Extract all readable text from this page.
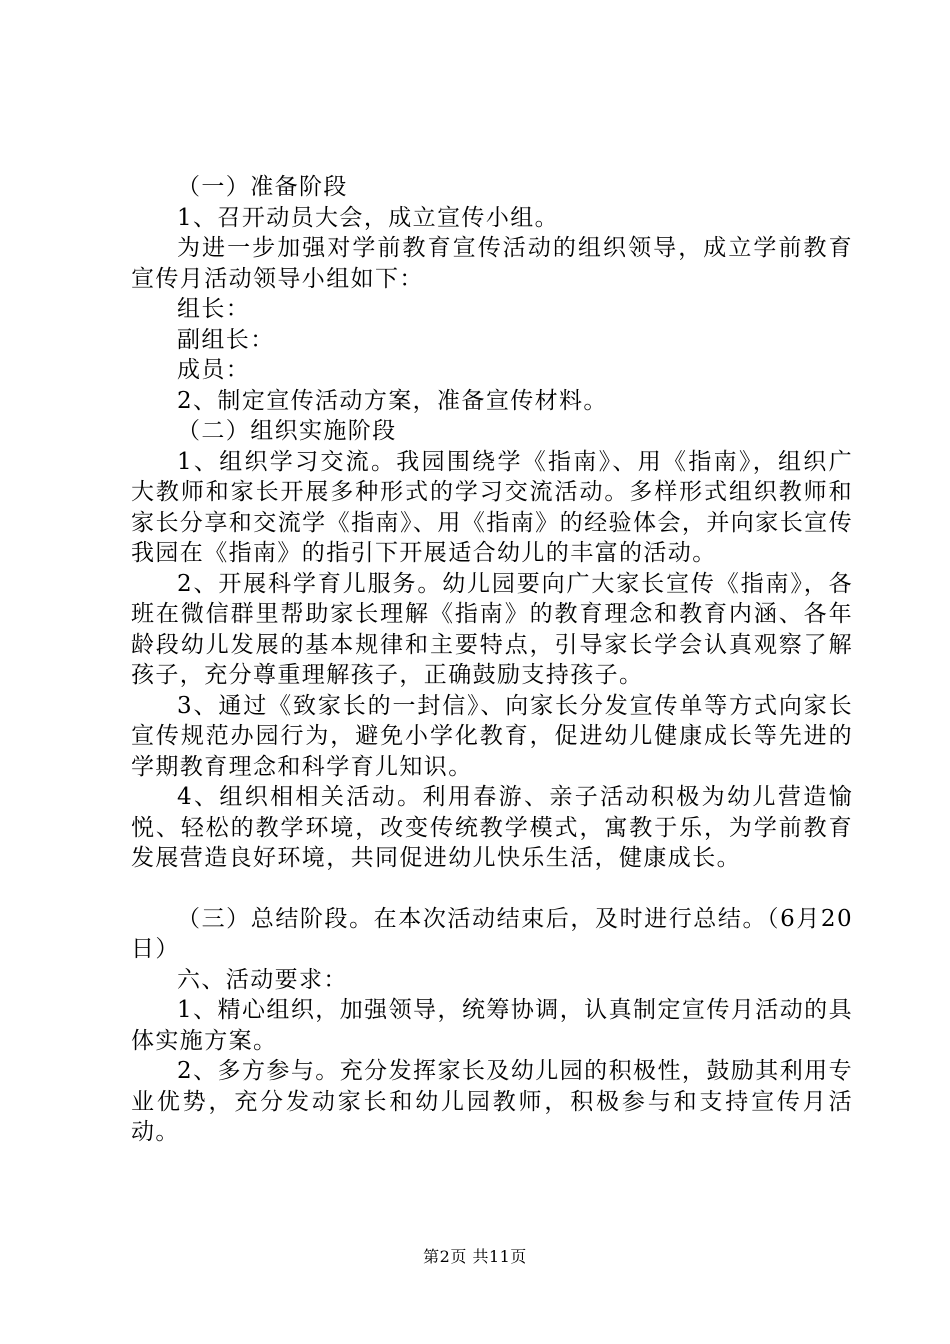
（一）准备阶段

1、召开动员大会，成立宣传小组。

为进一步加强对学前教育宣传活动的组织领导，成立学前教育宣传月活动领导小组如下：

组长：

副组长：

成员：

2、制定宣传活动方案，准备宣传材料。

（二）组织实施阶段

1、组织学习交流。我园围绕学《指南》、用《指南》，组织广大教师和家长开展多种形式的学习交流活动。多样形式组织教师和家长分享和交流学《指南》、用《指南》的经验体会，并向家长宣传我园在《指南》的指引下开展适合幼儿的丰富的活动。

2、开展科学育儿服务。幼儿园要向广大家长宣传《指南》，各班在微信群里帮助家长理解《指南》的教育理念和教育内涵、各年龄段幼儿发展的基本规律和主要特点，引导家长学会认真观察了解孩子，充分尊重理解孩子，正确鼓励支持孩子。

3、通过《致家长的一封信》、向家长分发宣传单等方式向家长宣传规范办园行为，避免小学化教育，促进幼儿健康成长等先进的学期教育理念和科学育儿知识。

4、组织相相关活动。利用春游、亲子活动积极为幼儿营造愉悦、轻松的教学环境，改变传统教学模式，寓教于乐，为学前教育发展营造良好环境，共同促进幼儿快乐生活，健康成长。

（三）总结阶段。在本次活动结束后，及时进行总结。（6月20日）

六、活动要求：

1、精心组织，加强领导，统筹协调，认真制定宣传月活动的具体实施方案。

2、多方参与。充分发挥家长及幼儿园的积极性，鼓励其利用专业优势，充分发动家长和幼儿园教师，积极参与和支持宣传月活动。

第2页 共11页
